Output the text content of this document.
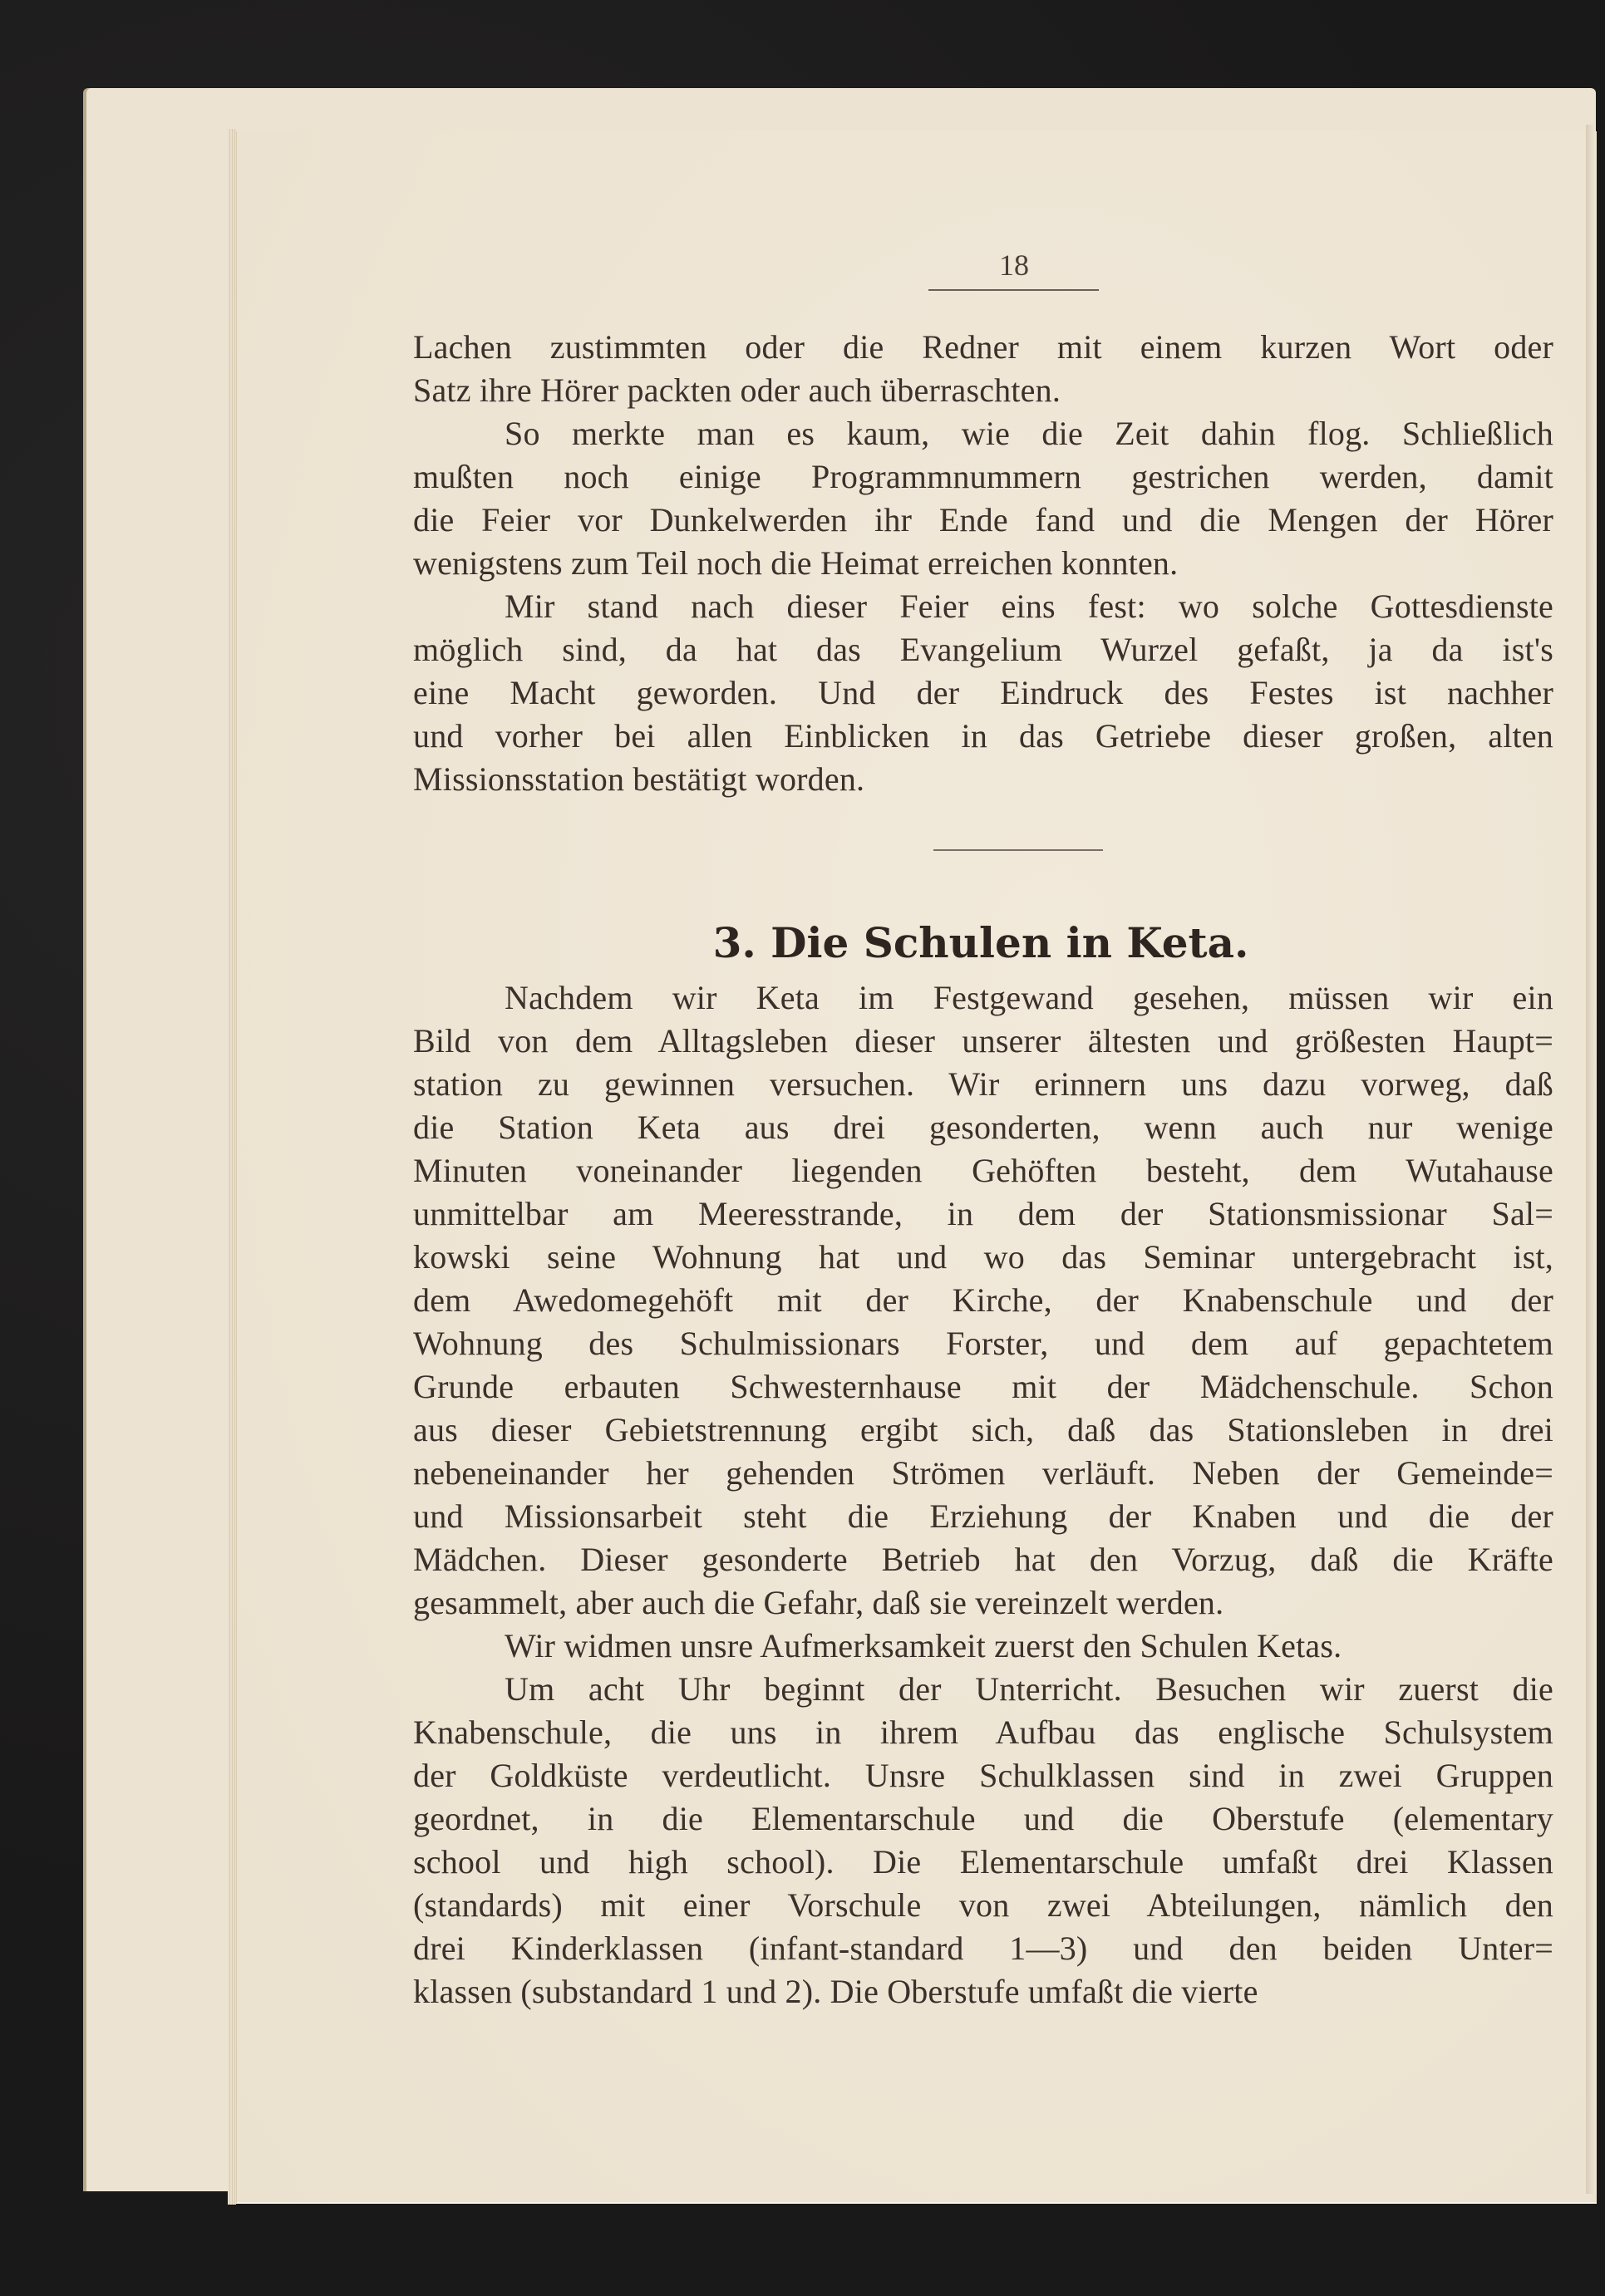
18
Lachen zustimmten oder die Redner mit einem kurzen Wort oder
Satz ihre Hörer packten oder auch überraschten.
So merkte man es kaum, wie die Zeit dahin flog. Schließlich
mußten noch einige Programmnummern gestrichen werden, damit
die Feier vor Dunkelwerden ihr Ende fand und die Mengen der Hörer
wenigstens zum Teil noch die Heimat erreichen konnten.
Mir stand nach dieser Feier eins fest: wo solche Gottesdienste
möglich sind, da hat das Evangelium Wurzel gefaßt, ja da ist's
eine Macht geworden. Und der Eindruck des Festes ist nachher
und vorher bei allen Einblicken in das Getriebe dieser großen, alten
Missionsstation bestätigt worden.
3. Die Schulen in Keta.
Nachdem wir Keta im Festgewand gesehen, müssen wir ein
Bild von dem Alltagsleben dieser unserer ältesten und größesten Haupt=
station zu gewinnen versuchen. Wir erinnern uns dazu vorweg, daß
die Station Keta aus drei gesonderten, wenn auch nur wenige
Minuten voneinander liegenden Gehöften besteht, dem Wutahause
unmittelbar am Meeresstrande, in dem der Stationsmissionar Sal=
kowski seine Wohnung hat und wo das Seminar untergebracht ist,
dem Awedomegehöft mit der Kirche, der Knabenschule und der
Wohnung des Schulmissionars Forster, und dem auf gepachtetem
Grunde erbauten Schwesternhause mit der Mädchenschule. Schon
aus dieser Gebietstrennung ergibt sich, daß das Stationsleben in drei
nebeneinander her gehenden Strömen verläuft. Neben der Gemeinde=
und Missionsarbeit steht die Erziehung der Knaben und die der
Mädchen. Dieser gesonderte Betrieb hat den Vorzug, daß die Kräfte
gesammelt, aber auch die Gefahr, daß sie vereinzelt werden.
Wir widmen unsre Aufmerksamkeit zuerst den Schulen Ketas.
Um acht Uhr beginnt der Unterricht. Besuchen wir zuerst die
Knabenschule, die uns in ihrem Aufbau das englische Schulsystem
der Goldküste verdeutlicht. Unsre Schulklassen sind in zwei Gruppen
geordnet, in die Elementarschule und die Oberstufe (elementary
school und high school). Die Elementarschule umfaßt drei Klassen
(standards) mit einer Vorschule von zwei Abteilungen, nämlich den
drei Kinderklassen (infant-standard 1—3) und den beiden Unter=
klassen (substandard 1 und 2). Die Oberstufe umfaßt die vierte
